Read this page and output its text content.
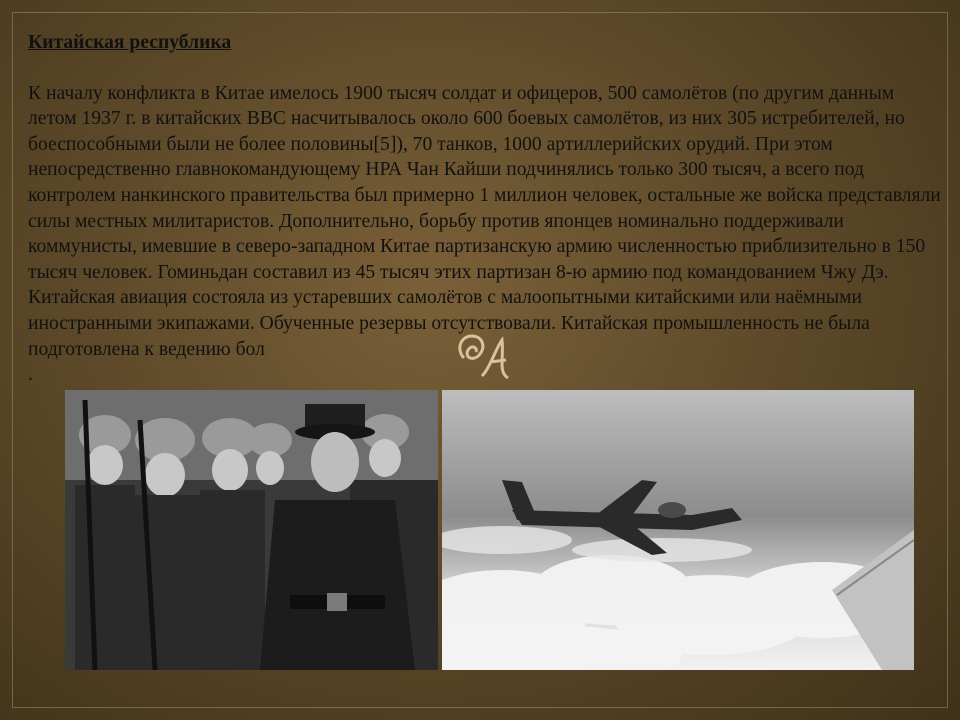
Китайская республика

К началу конфликта в Китае имелось 1900 тысяч солдат и офицеров, 500 самолётов (по другим данным летом 1937 г. в китайских ВВС насчитывалось около 600 боевых самолётов, из них 305 истребителей, но боеспособными были не более половины[5]), 70 танков, 1000 артиллерийских орудий. При этом непосредственно главнокомандующему НРА Чан Кайши подчинялись только 300 тысяч, а всего под контролем нанкинского правительства был примерно 1 миллион человек, остальные же войска представляли силы местных милитаристов. Дополнительно, борьбу против японцев номинально поддерживали коммунисты, имевшие в северо-западном Китае партизанскую армию численностью приблизительно в 150 тысяч человек. Гоминьдан составил из 45 тысяч этих партизан 8-ю армию под командованием Чжу Дэ. Китайская авиация состояла из устаревших самолётов с малоопытными китайскими или наёмными иностранными экипажами. Обученные резервы отсутствовали. Китайская промышленность не была подготовлена к ведению бол

.
